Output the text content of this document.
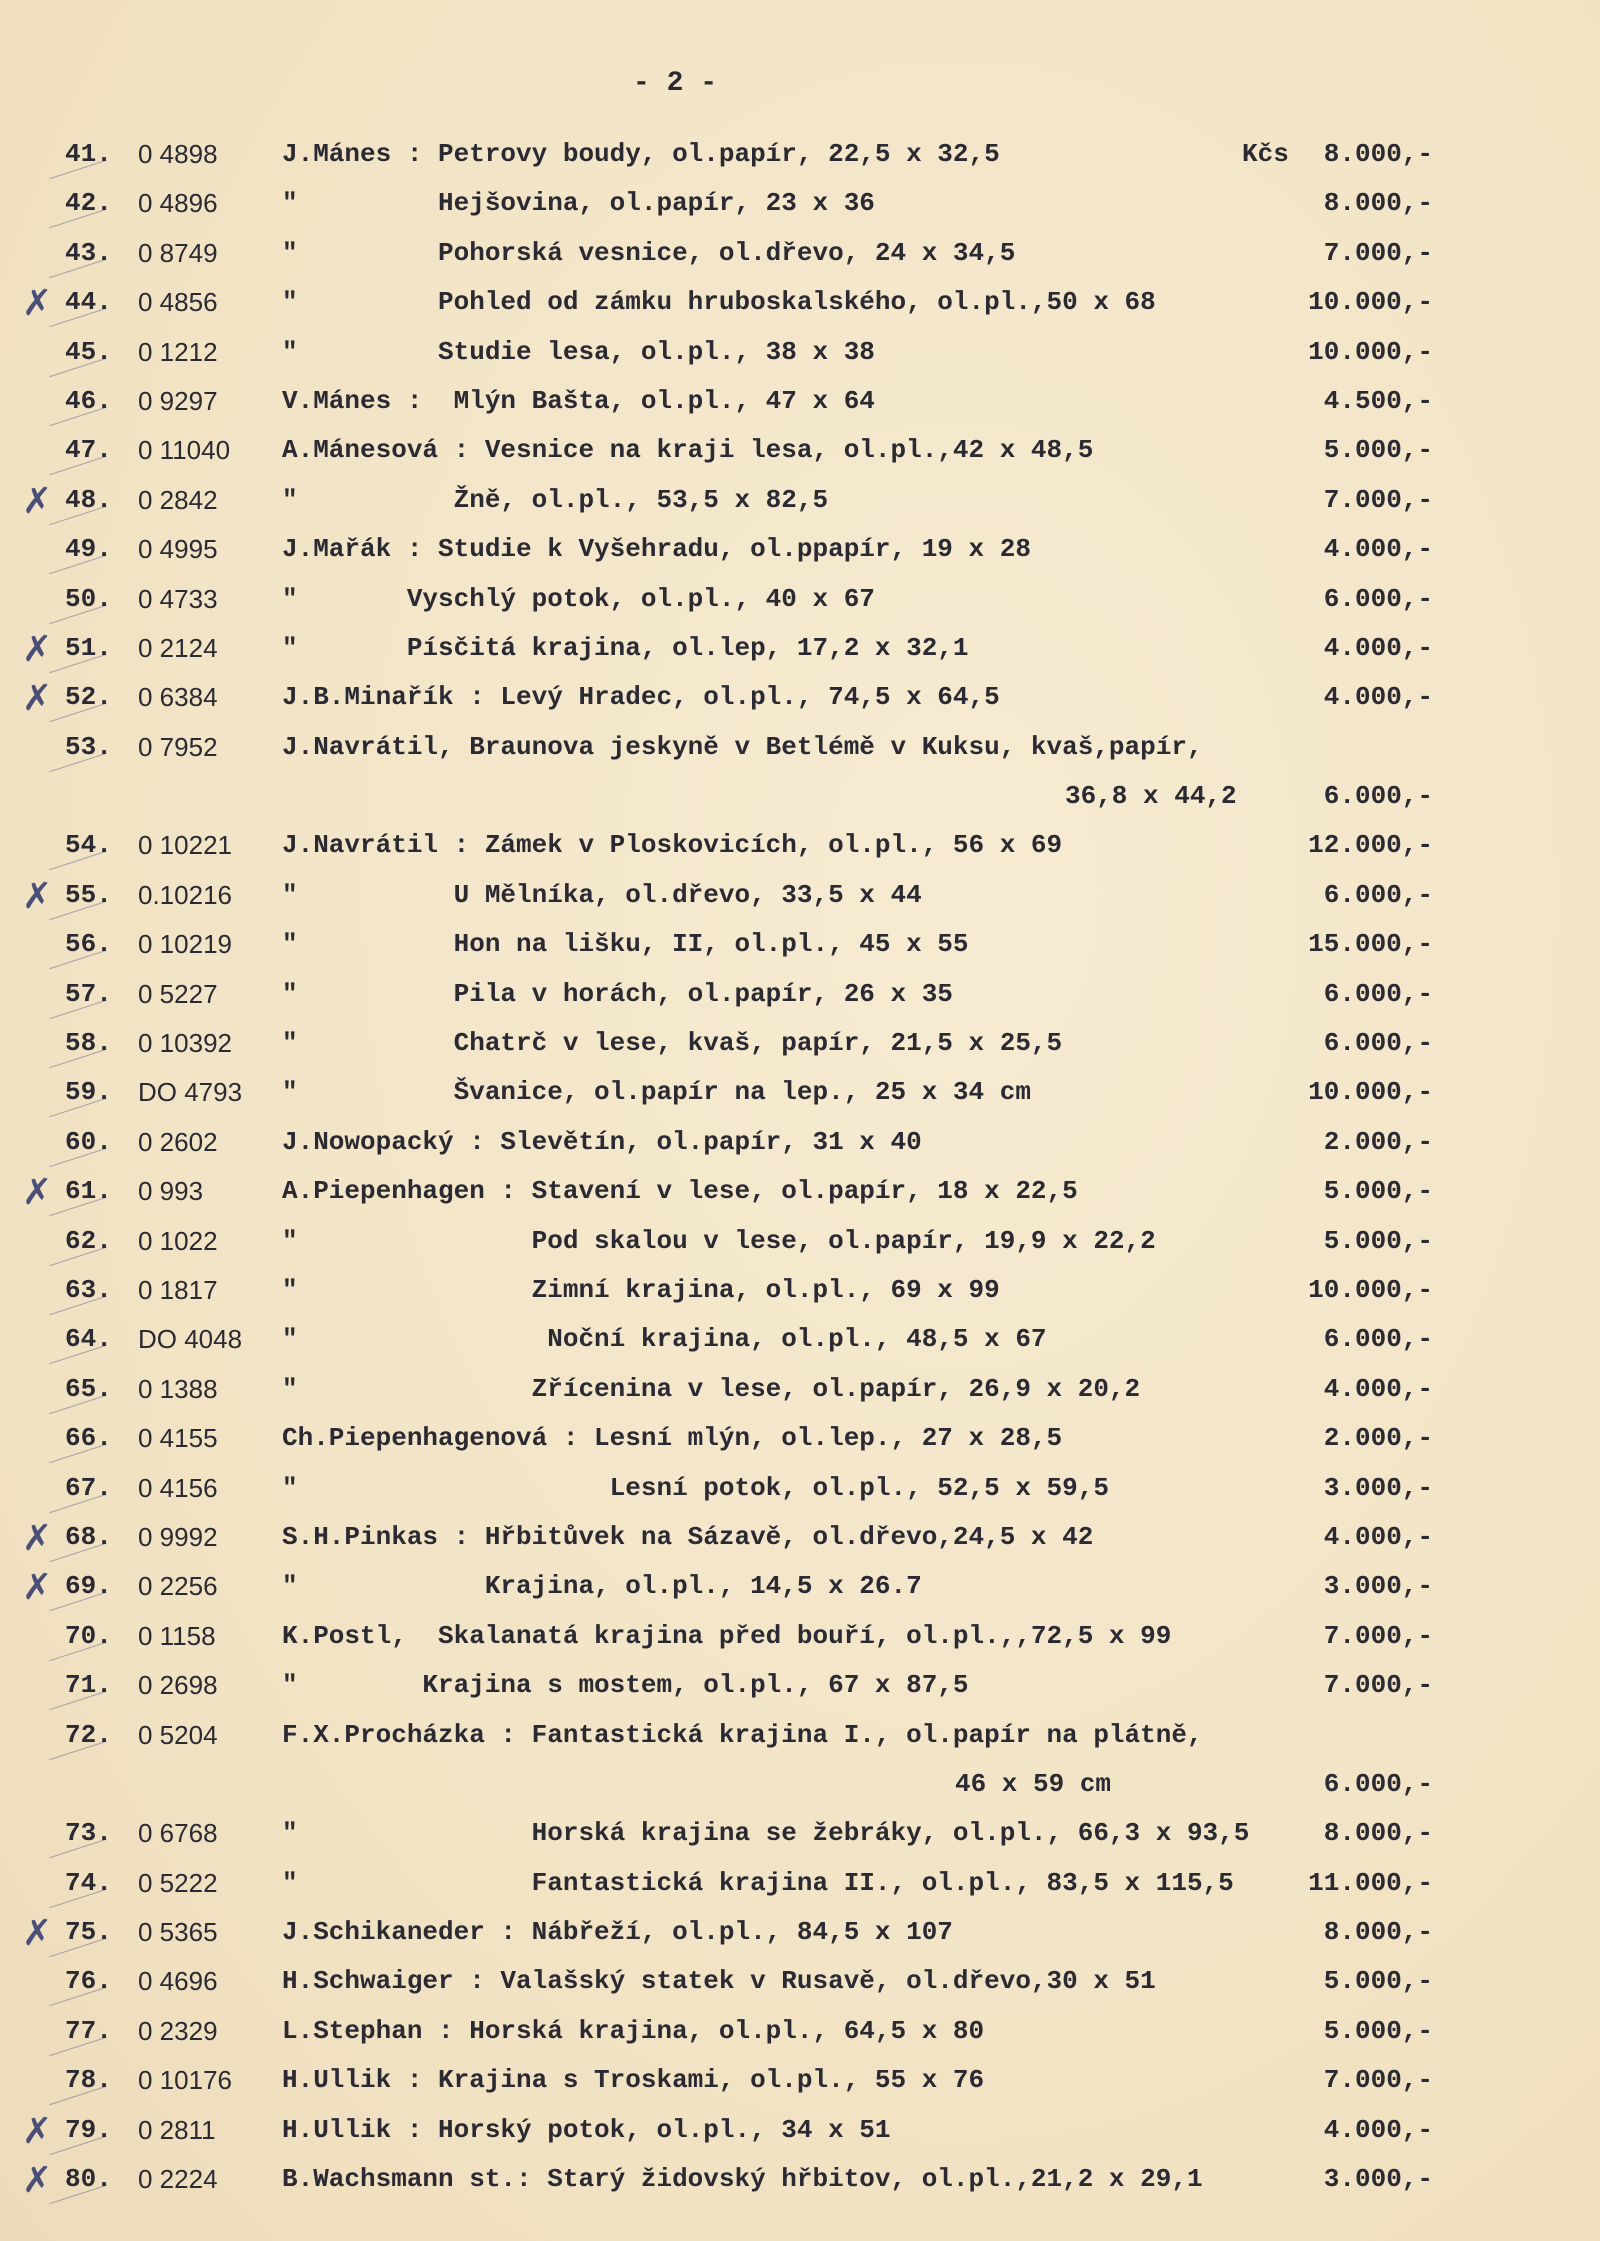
- 2 -
41.	0 4898	J.Mánes : Petrovy boudy, ol.papír, 22,5 x 32,5	Kčs 8.000,-
42.	0 4896	"         Hejšovina, ol.papír, 23 x 36	8.000,-
43.	0 8749	"         Pohorská vesnice, ol.dřevo, 24 x 34,5	7.000,-
✗ 44.	0 4856	"         Pohled od zámku hruboskalského, ol.pl.,50 x 68	10.000,-
45.	0 1212	"         Studie lesa, ol.pl., 38 x 38	10.000,-
46.	0 9297	V.Mánes :  Mlýn Bašta, ol.pl., 47 x 64	4.500,-
47.	0 11040	A.Mánesová : Vesnice na kraji lesa, ol.pl.,42 x 48,5	5.000,-
✗ 48.	0 2842	"          Žně, ol.pl., 53,5 x 82,5	7.000,-
49.	0 4995	J.Mařák : Studie k Vyšehradu, ol.ppapír, 19 x 28	4.000,-
50.	0 4733	"       Vyschlý potok, ol.pl., 40 x 67	6.000,-
✗ 51.	0 2124	"       Písčitá krajina, ol.lep, 17,2 x 32,1	4.000,-
✗ 52.	0 6384	J.B.Minařík : Levý Hradec, ol.pl., 74,5 x 64,5	4.000,-
53.	0 7952	J.Navrátil, Braunova jeskyně v Betlémě v Kuksu, kvaš,papír,
36,8 x 44,2	6.000,-
54.	0 10221	J.Navrátil : Zámek v Ploskovicích, ol.pl., 56 x 69	12.000,-
✗ 55.	0.10216	"          U Mělníka, ol.dřevo, 33,5 x 44	6.000,-
56.	0 10219	"          Hon na lišku, II, ol.pl., 45 x 55	15.000,-
57.	0 5227	"          Pila v horách, ol.papír, 26 x 35	6.000,-
58.	0 10392	"          Chatrč v lese, kvaš, papír, 21,5 x 25,5	6.000,-
59.	DO 4793	"          Švanice, ol.papír na lep., 25 x 34 cm	10.000,-
60.	0 2602	J.Nowopacký : Slevětín, ol.papír, 31 x 40	2.000,-
✗ 61.	0 993	A.Piepenhagen : Stavení v lese, ol.papír, 18 x 22,5	5.000,-
62.	0 1022	"               Pod skalou v lese, ol.papír, 19,9 x 22,2	5.000,-
63.	0 1817	"               Zimní krajina, ol.pl., 69 x 99	10.000,-
64.	DO 4048	"                Noční krajina, ol.pl., 48,5 x 67	6.000,-
65.	0 1388	"               Zřícenina v lese, ol.papír, 26,9 x 20,2	4.000,-
66.	0 4155	Ch.Piepenhagenová : Lesní mlýn, ol.lep., 27 x 28,5	2.000,-
67.	0 4156	"                    Lesní potok, ol.pl., 52,5 x 59,5	3.000,-
✗ 68.	0 9992	S.H.Pinkas : Hřbitůvek na Sázavě, ol.dřevo,24,5 x 42	4.000,-
✗ 69.	0 2256	"            Krajina, ol.pl., 14,5 x 26.7	3.000,-
70.	0 1158	K.Postl,  Skalanatá krajina před bouří, ol.pl.,,72,5 x 99	7.000,-
71.	0 2698	"        Krajina s mostem, ol.pl., 67 x 87,5	7.000,-
72.	0 5204	F.X.Procházka : Fantastická krajina I., ol.papír na plátně,
46 x 59 cm	6.000,-
73.	0 6768	"               Horská krajina se žebráky, ol.pl., 66,3 x 93,5	8.000,-
74.	0 5222	"               Fantastická krajina II., ol.pl., 83,5 x 115,5	11.000,-
✗ 75.	0 5365	J.Schikaneder : Nábřeží, ol.pl., 84,5 x 107	8.000,-
76.	0 4696	H.Schwaiger : Valašský statek v Rusavě, ol.dřevo,30 x 51	5.000,-
77.	0 2329	L.Stephan : Horská krajina, ol.pl., 64,5 x 80	5.000,-
78.	0 10176	H.Ullik : Krajina s Troskami, ol.pl., 55 x 76	7.000,-
✗ 79.	0 2811	H.Ullik : Horský potok, ol.pl., 34 x 51	4.000,-
✗ 80.	0 2224	B.Wachsmann st.: Starý židovský hřbitov, ol.pl.,21,2 x 29,1	3.000,-
